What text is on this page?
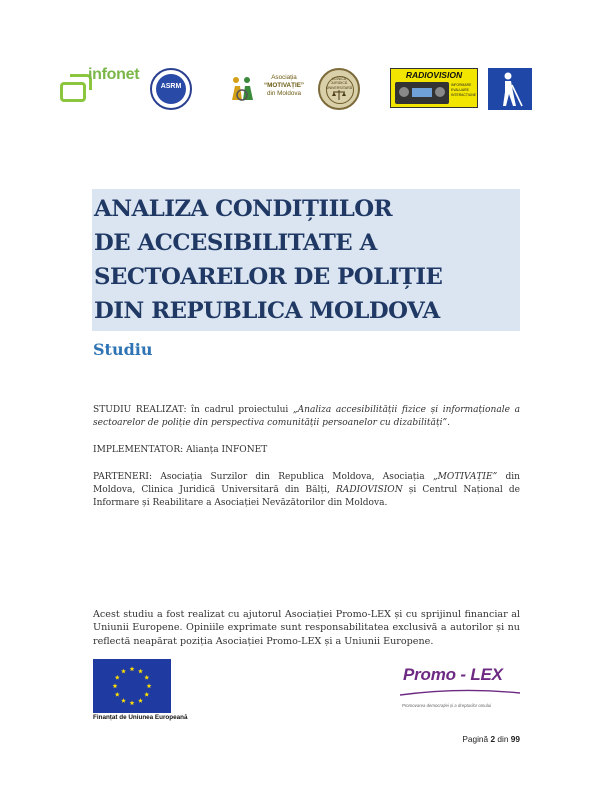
infonet
ASRM
Asociația
“MOTIVAȚIE”
din Moldova
CLINICA
JURIDICĂ
UNIVERSITARĂ
RADIOVISION
INFORMARE
EVALUARE
INTERACȚIUNE
ANALIZA CONDIȚIILOR
DE ACCESIBILITATE A
SECTOARELOR DE POLIȚIE
DIN REPUBLICA MOLDOVA
Studiu
STUDIU REALIZAT: în cadrul proiectului „Analiza accesibilității fizice și informaționale a sectoarelor de poliție din perspectiva comunității persoanelor cu dizabilități”.
IMPLEMENTATOR: Alianța INFONET
PARTENERI: Asociația Surzilor din Republica Moldova, Asociația „MOTIVAȚIE” din Moldova, Clinica Juridică Universitară din Bălți, RADIOVISION și Centrul Național de Informare și Reabilitare a Asociației Nevăzătorilor din Moldova.
Acest studiu a fost realizat cu ajutorul Asociației Promo-LEX și cu sprijinul financiar al Uniunii Europene. Opiniile exprimate sunt responsabilitatea exclusivă a autorilor și nu reflectă neapărat poziția Asociației Promo-LEX și a Uniunii Europene.
Finanțat de Uniunea Europeană
Promo - LEX
Promovarea democrației și a drepturilor omului
Pagină 2 din 99
